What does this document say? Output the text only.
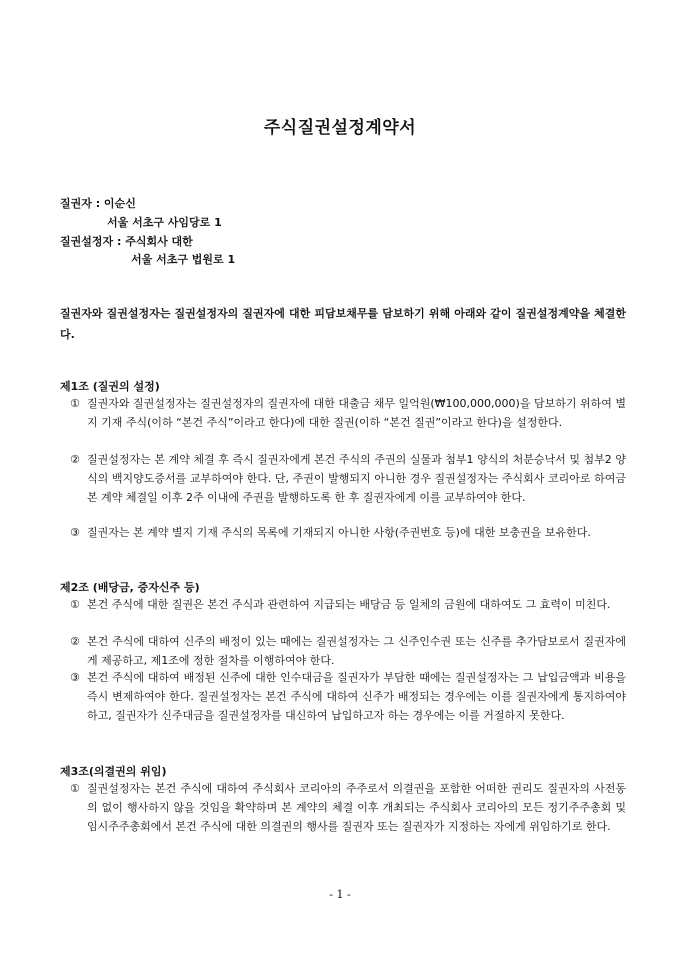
주식질권설정계약서
질권자 : 이순신
서울 서초구 사임당로 1
질권설정자 : 주식회사 대한
서울 서초구 법원로 1
질권자와 질권설정자는 질권설정자의 질권자에 대한 피담보채무를 담보하기 위해 아래와 같이 질권설정계약을 체결한다.
제1조 (질권의 설정)
① 질권자와 질권설정자는 질권설정자의 질권자에 대한 대출금 채무 일억원(₩100,000,000)을 담보하기 위하여 별지 기재 주식(이하 “본건 주식”이라고 한다)에 대한 질권(이하 “본건 질권”이라고 한다)을 설정한다.
② 질권설정자는 본 계약 체결 후 즉시 질권자에게 본건 주식의 주권의 실물과 첨부1 양식의 처분승낙서 및 첨부2 양식의 백지양도증서를 교부하여야 한다. 단, 주권이 발행되지 아니한 경우 질권설정자는 주식회사 코리아로 하여금 본 계약 체결일 이후 2주 이내에 주권을 발행하도록 한 후 질권자에게 이를 교부하여야 한다.
③ 질권자는 본 계약 별지 기재 주식의 목록에 기재되지 아니한 사항(주권번호 등)에 대한 보충권을 보유한다.
제2조 (배당금, 증자신주 등)
① 본건 주식에 대한 질권은 본건 주식과 관련하여 지급되는 배당금 등 일체의 금원에 대하여도 그 효력이 미친다.
② 본건 주식에 대하여 신주의 배정이 있는 때에는 질권설정자는 그 신주인수권 또는 신주를 추가담보로서 질권자에게 제공하고, 제1조에 정한 절차를 이행하여야 한다.
③ 본건 주식에 대하여 배정된 신주에 대한 인수대금을 질권자가 부담한 때에는 질권설정자는 그 납입금액과 비용을 즉시 변제하여야 한다. 질권설정자는 본건 주식에 대하여 신주가 배정되는 경우에는 이를 질권자에게 통지하여야 하고, 질권자가 신주대금을 질권설정자를 대신하여 납입하고자 하는 경우에는 이를 거절하지 못한다.
제3조(의결권의 위임)
① 질권설정자는 본건 주식에 대하여 주식회사 코리아의 주주로서 의결권을 포함한 어떠한 권리도 질권자의 사전동의 없이 행사하지 않을 것임을 확약하며 본 계약의 체결 이후 개최되는 주식회사 코리아의 모든 정기주주총회 및 임시주주총회에서 본건 주식에 대한 의결권의 행사를 질권자 또는 질권자가 지정하는 자에게 위임하기로 한다.
- 1 -
